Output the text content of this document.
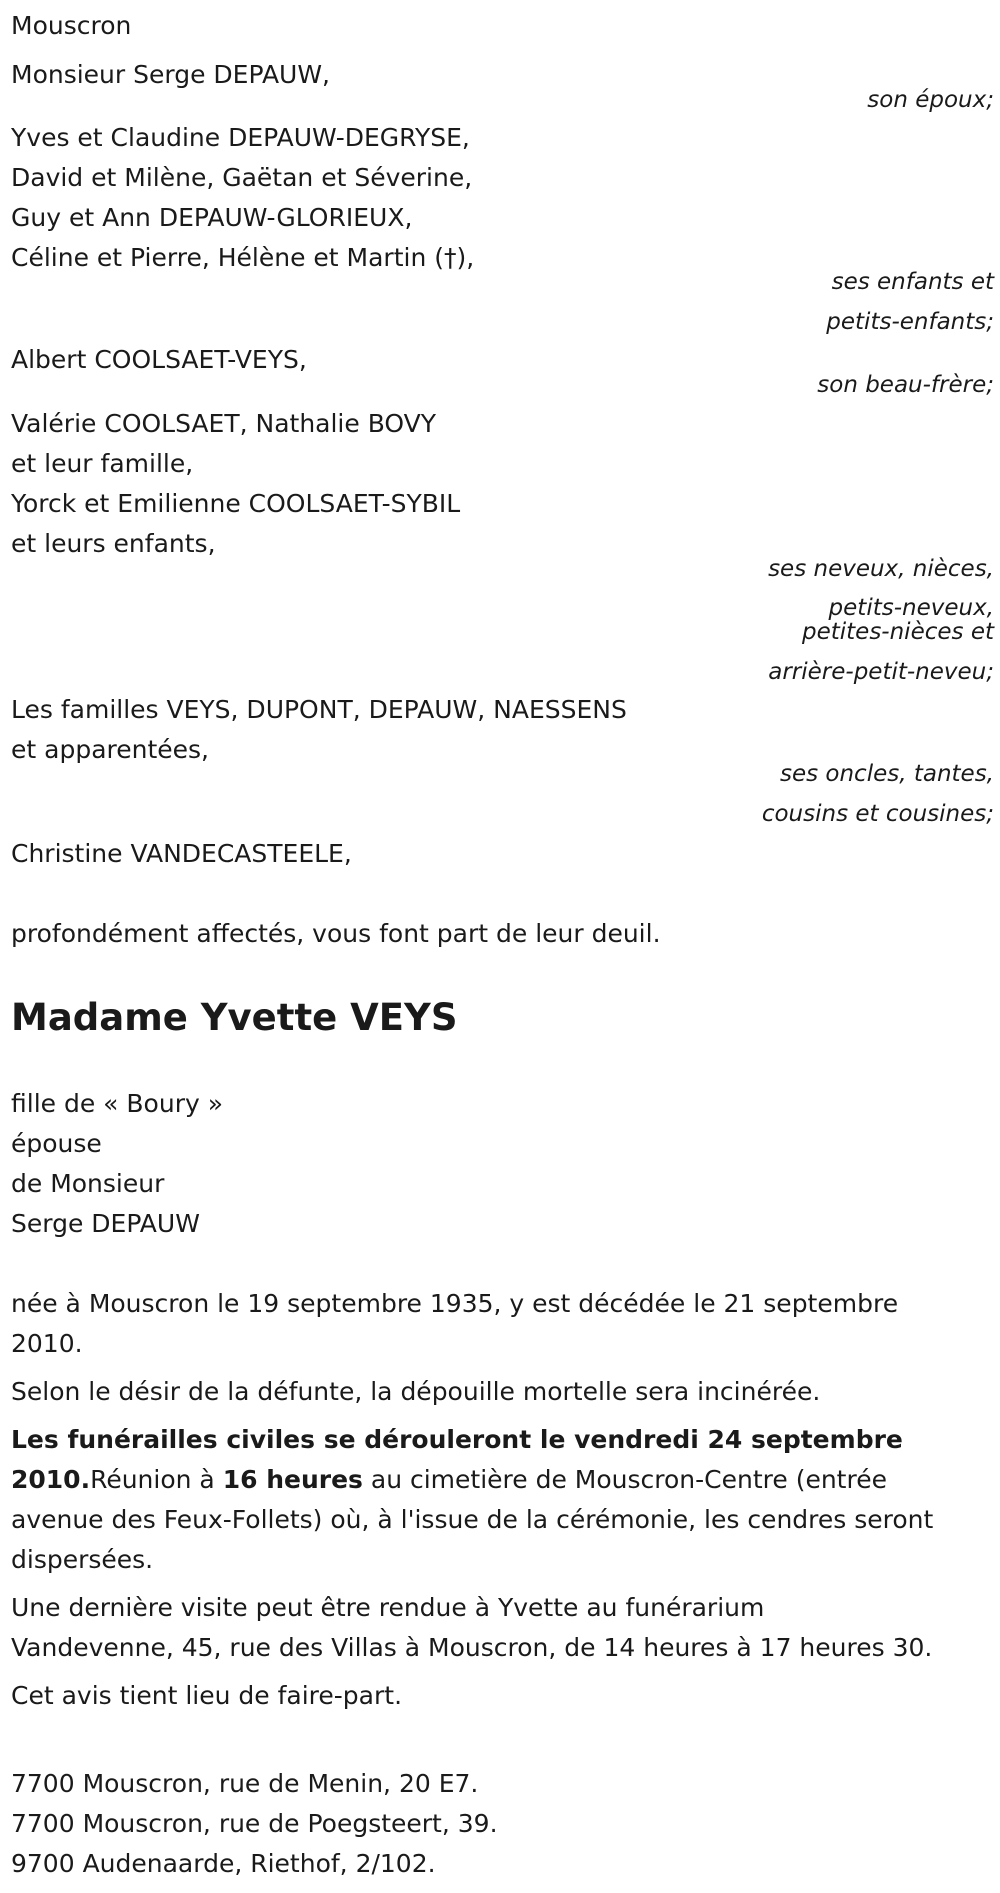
Mouscron
Monsieur Serge DEPAUW,
son époux;
Yves et Claudine DEPAUW-DEGRYSE,
David et Milène, Gaëtan et Séverine,
Guy et Ann DEPAUW-GLORIEUX,
Céline et Pierre, Hélène et Martin (†),
ses enfants et
petits-enfants;
Albert COOLSAET-VEYS,
son beau-frère;
Valérie COOLSAET, Nathalie BOVY
et leur famille,
Yorck et Emilienne COOLSAET-SYBIL
et leurs enfants,
ses neveux, nièces,
petits-neveux,
petites-nièces et
arrière-petit-neveu;
Les familles VEYS, DUPONT, DEPAUW, NAESSENS
et apparentées,
ses oncles, tantes,
cousins et cousines;
Christine VANDECASTEELE,
profondément affectés, vous font part de leur deuil.
Madame Yvette VEYS
fille de « Boury »
épouse
de Monsieur
Serge DEPAUW
née à Mouscron le 19 septembre 1935, y est décédée le 21 septembre
2010.
Selon le désir de la défunte, la dépouille mortelle sera incinérée.
Les funérailles civiles se dérouleront le vendredi 24 septembre
2010.Réunion à 16 heures au cimetière de Mouscron-Centre (entrée
avenue des Feux-Follets) où, à l'issue de la cérémonie, les cendres seront
dispersées.
Une dernière visite peut être rendue à Yvette au funérarium
Vandevenne, 45, rue des Villas à Mouscron, de 14 heures à 17 heures 30.
Cet avis tient lieu de faire-part.
7700 Mouscron, rue de Menin, 20 E7.
7700 Mouscron, rue de Poegsteert, 39.
9700 Audenaarde, Riethof, 2/102.
